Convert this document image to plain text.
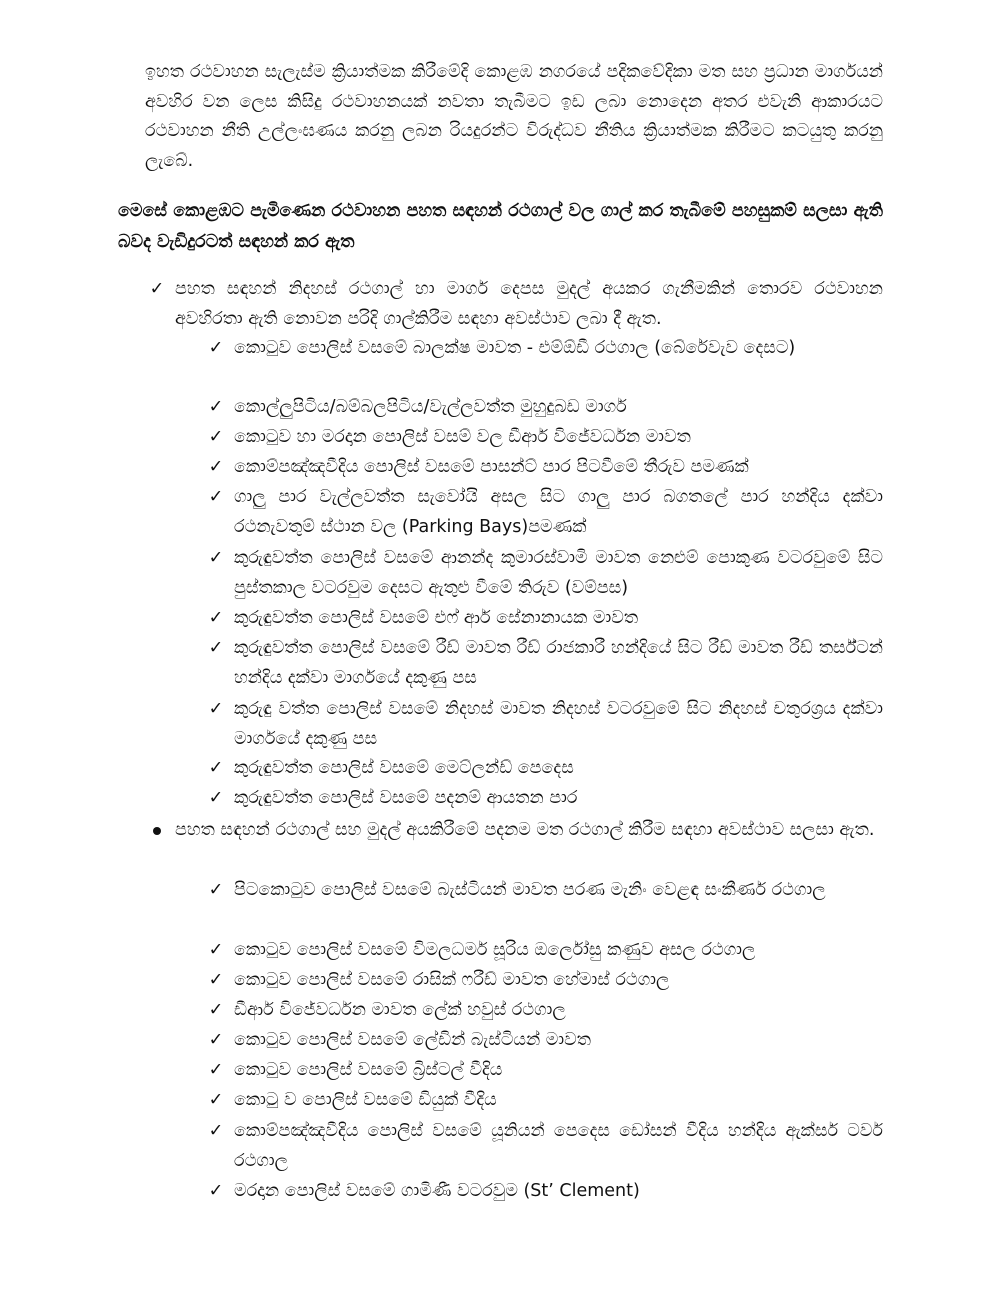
ඉහත රථවාහන සැලැස්ම ක්‍රියාත්මක කිරීමේදි කොළඹ නගරයේ පදිකවේදිකා මත සහ ප්‍රධාන මාර්ගයන් අවහිර වන ලෙස කිසිදු රථවාහනයක් නවතා තැබීමට ඉඩ ලබා නොදෙන අතර එවැනි ආකාරයට රථවාහන නීති උල්ලංඝණය කරනු ලබන රියදුරන්ට විරුද්ධව නීතිය ක්‍රියාත්මක කිරීමට කටයුතු කරනු ලැබේ.
මෙසේ කොළඹට පැමිණෙන රථවාහන පහත සඳහන් රථගාල් වල ගාල් කර තැබීමේ පහසුකම් සලසා ඇති බවද වැඩිදුරටත් සඳහන් කර ඇත
✓ පහත සඳහන් නිදහස් රථගාල් හා මාර්ග දෙපස මුදල් අයකර ගැනීමකින් තොරව රථවාහන අවහිරතා ඇති නොවන පරිදි ගාල්කිරීම සඳහා අවස්ථාව ලබා දී ඇත.
✓ කොටුව පොලිස් වසමේ බාලක්ෂ මාවත - එම්ඕඩී රථගාල (බේරේවැව දෙසට)
✓ කොල්ලුපිටිය/බම්බලපිටිය/වැල්ලවත්ත මුහුදුබඩ මාර්ග
✓ කොටුව හා මරදාන පොලිස් වසම් වල ඩීආර් විජේවර්ධන මාවත
✓ කොම්පඤ්ඤවීදිය පොලිස් වසමේ පාසන්ට් පාර පිටවීමේ තීරුව පමණක්
✓ ගාලු පාර වැල්ලවත්ත සැවෝයි අසල සිට ගාලු පාර බගතලේ පාර හන්දිය දක්වා රථනැවතුම් ස්ථාන වල (Parking Bays)පමණක්
✓ කුරුඳුවත්ත පොලිස් වසමේ ආනන්ද කුමාරස්වාමි මාවත නෙළුම් පොකුණ වටරවුමේ සිට පුස්තකාල වටරවුම දෙසට ඇතුළු වීමේ තිරුව (වම්පස)
✓ කුරුඳුවත්ත පොලිස් වසමේ එෆ් ආර් සේනානායක මාවත
✓ කුරුඳුවත්ත පොලිස් වසමේ රීඩ් මාවත රීඩ් රාජකාරී හන්දියේ සිට රීඩ් මාවත රීඩ් තර්ස්ටන් හන්දිය දක්වා මාර්ගයේ දකුණු පස
✓ කුරුඳු වත්ත පොලිස් වසමේ නිදහස් මාවත නිදහස් වටරවුමේ සිට නිදහස් චතුරශ්‍රය දක්වා මාර්ගයේ දකුණු පස
✓ කුරුඳුවත්ත පොලිස් වසමේ මෙට්ලන්ඩ් පෙදෙස
✓ කුරුඳුවත්ත පොලිස් වසමේ පදනම් ආයතන පාර
පහත සඳහන් රථගාල් සහ මුදල් අයකිරීමේ පදනම මත රථගාල් කිරීම සඳහා අවස්ථාව සලසා ඇත.
✓ පිටකොටුව පොලිස් වසමේ බැස්ටියන් මාවත පරණ මැනිං වෙළඳ සංකීර්ණ රථගාල
✓ කොටුව පොලිස් වසමේ විමලධර්ම සූරිය ඔර්ලෝසු කණුව අසල රථගාල
✓ කොටුව පොලිස් වසමේ රාසික් ෆරීඩ් මාවත හේමාස් රථගාල
✓ ඩීආර් විජේවර්ධන මාවත ලේක් හවුස් රථගාල
✓ කොටුව පොලිස් වසමේ ලේඩින් බැස්ටියන් මාවත
✓ කොටුව පොලිස් වසමේ බ්‍රිස්ටල් වීදිය
✓ කොටු ව පොලිස් වසමේ ඩියුක් වීදිය
✓ කොම්පඤ්ඤවීදිය පොලිස් වසමේ යූනියන් පෙදෙස ඩෝසන් වීදිය හන්දිය ඇක්සර් ටවර් රථගාල
✓ මරදාන පොලිස් වසමේ ගාමිණී වටරවුම (St’ Clement)
